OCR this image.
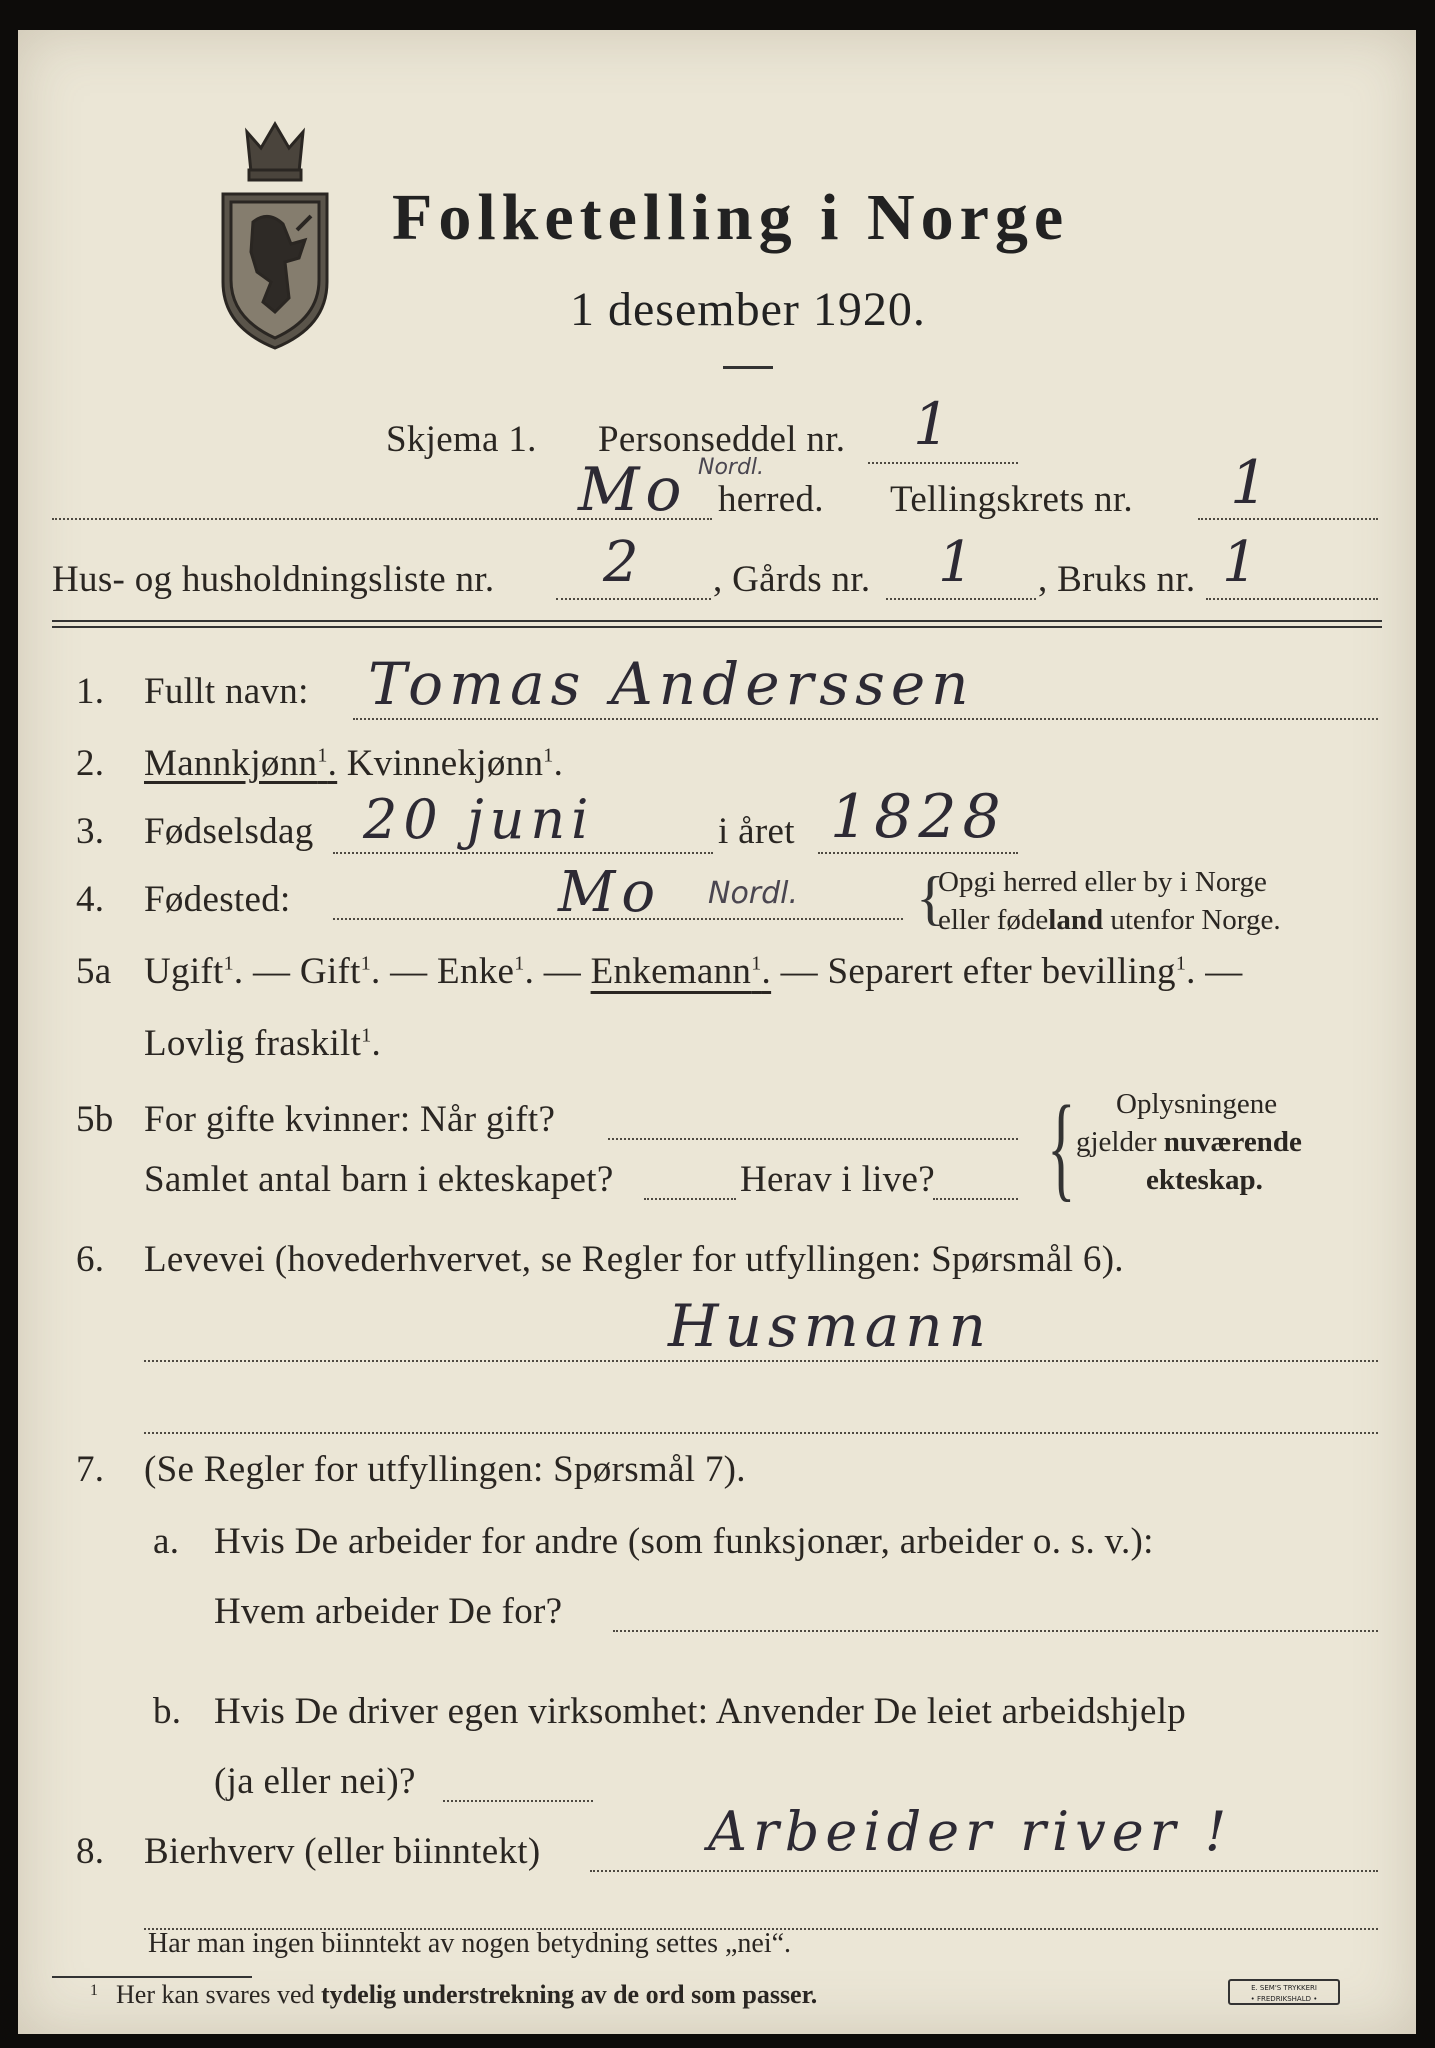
Folketelling i Norge
1 desember 1920.
Skjema 1. Personseddel nr. 1
Mo Nordl.
herred. Tellingskrets nr. 1
Hus- og husholdningsliste nr. 2 , Gårds nr. 1 , Bruks nr. 1
1. Fullt navn: Tomas Anderssen
2. Mannkjønn$^1$. Kvinnekjønn$^1$.
3. Fødselsdag 20 juni	i året 1828
4. Fødested:	Mo Nordl. {
Opgi herred eller by i Norge
eller fødeland utenfor Norge.
5a Ugift$^1$. — Gift$^1$. — Enke$^1$. — Enkemann$^1$. — Separert efter bevilling$^1$. —
Lovlig fraskilt$^1$.
5b For gifte kvinner: Når gift?
Samlet antal barn i ekteskapet?	Herav i live? { Oplysningene
gjelder nuværende
ekteskap.
6. Levevei (hovederhvervet, se Regler for utfyllingen: Spørsmål 6).
Husmann
7. (Se Regler for utfyllingen: Spørsmål 7).
a. Hvis De arbeider for andre (som funksjonær, arbeider o. s. v.):
Hvem arbeider De for?
b. Hvis De driver egen virksomhet: Anvender De leiet arbeidshjelp
(ja eller nei)?
8. Bierhverv (eller biinntekt)	Arbeider river !
Har man ingen biinntekt av nogen betydning settes „nei“.
1 Her kan svares ved tydelig understrekning av de ord som passer.	E. SEM'S TRYKKERI
• FREDRIKSHALD •
